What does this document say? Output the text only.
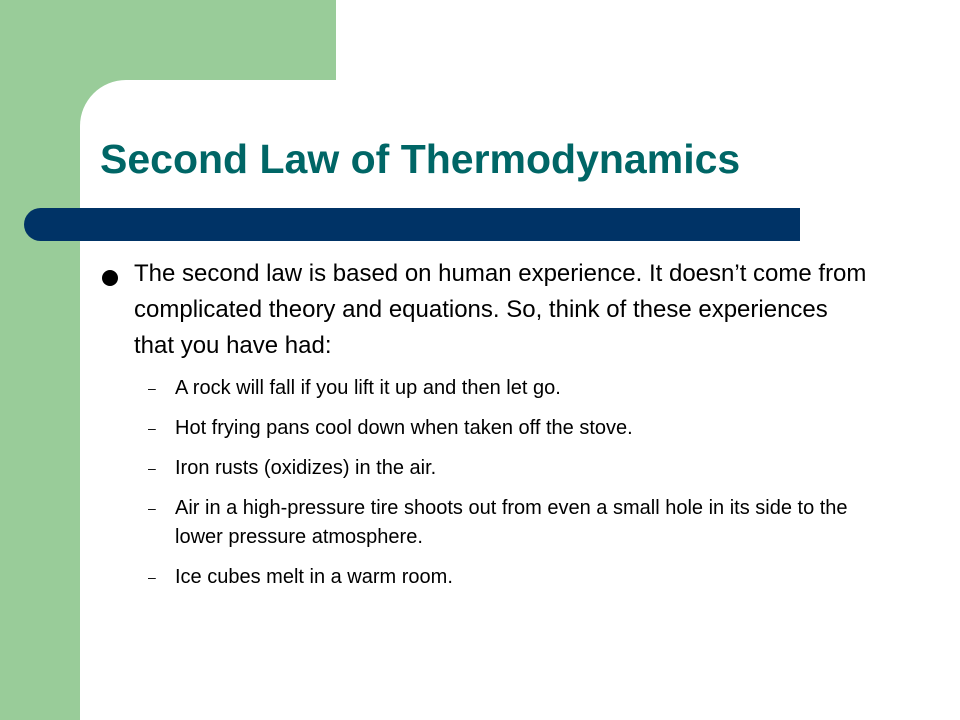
Second Law of Thermodynamics
The second law is based on human experience. It doesn’t come from complicated theory and equations. So, think of these experiences that you have had:
– A rock will fall if you lift it up and then let go.
– Hot frying pans cool down when taken off the stove.
– Iron rusts (oxidizes) in the air.
– Air in a high-pressure tire shoots out from even a small hole in its side to the lower pressure atmosphere.
– Ice cubes melt in a warm room.
